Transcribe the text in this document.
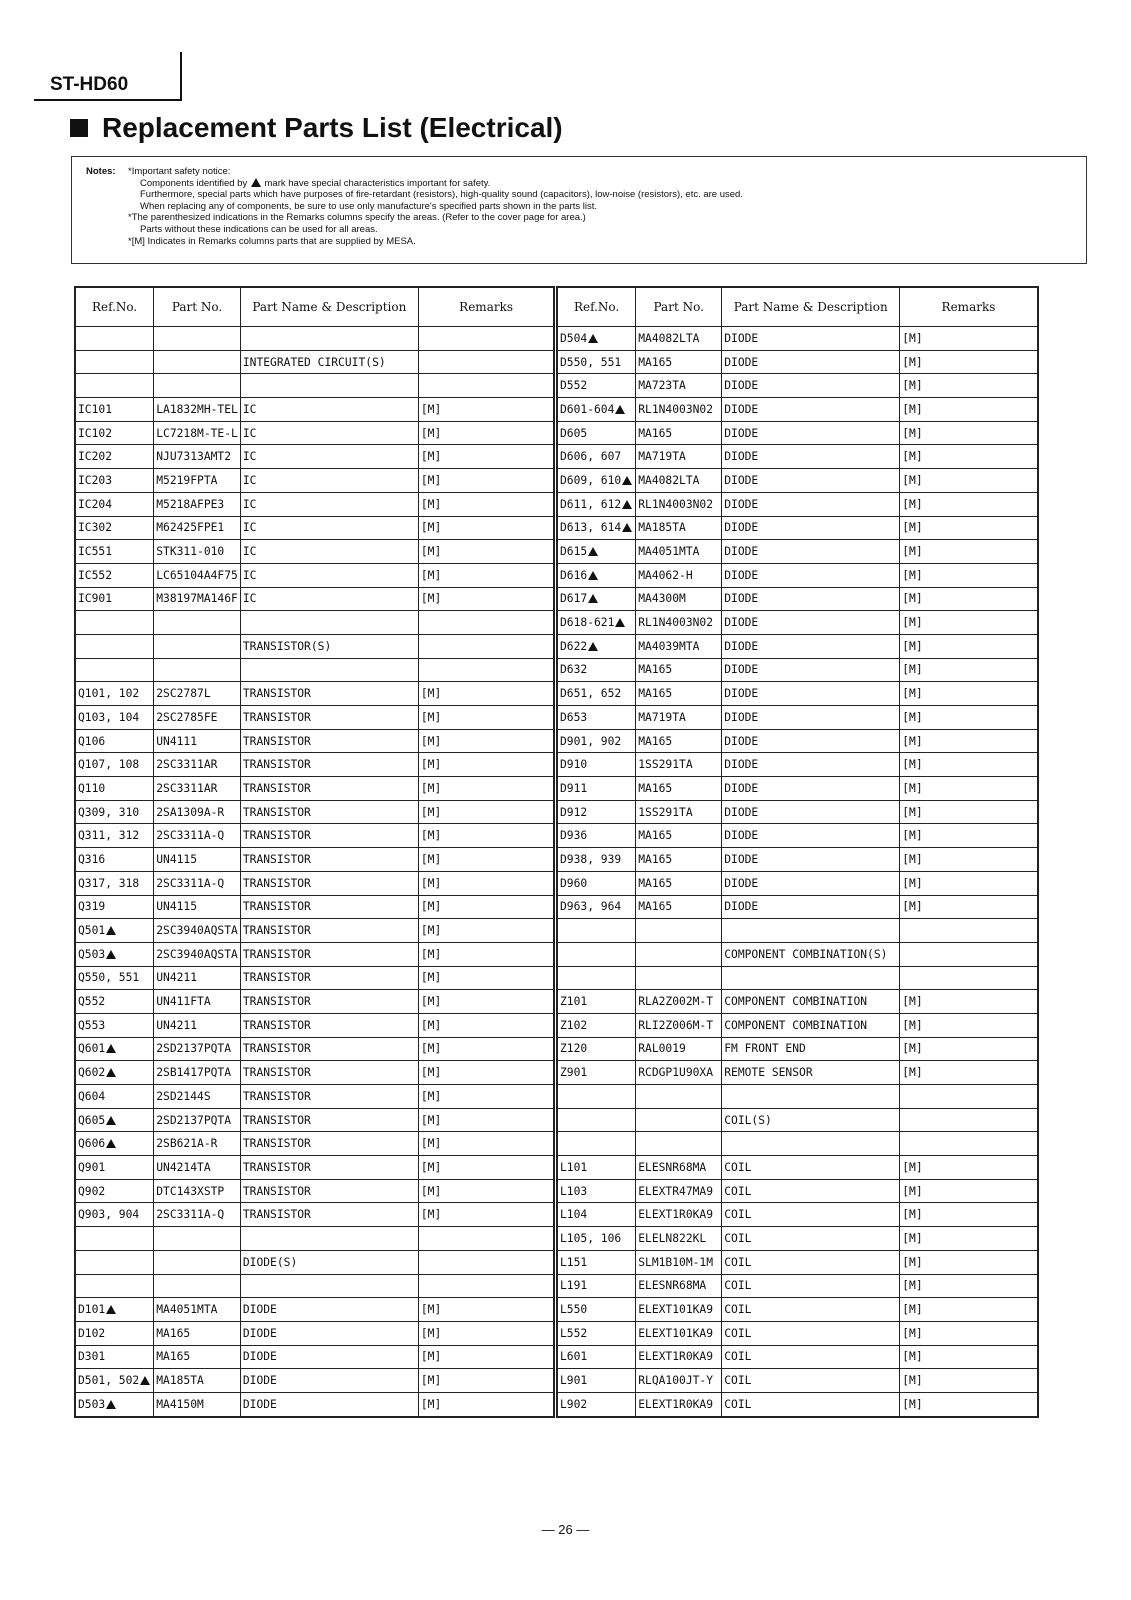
ST-HD60
Replacement Parts List (Electrical)
Notes:	*Important safety notice:
Components identified by mark have special characteristics important for safety.
Furthermore, special parts which have purposes of fire-retardant (resistors), high-quality sound (capacitors), low-noise (resistors), etc. are used.
When replacing any of components, be sure to use only manufacture's specified parts shown in the parts list.
*The parenthesized indications in the Remarks columns specify the areas. (Refer to the cover page for area.)
Parts without these indications can be used for all areas.
*[M] Indicates in Remarks columns parts that are supplied by MESA.
Ref.No.	Part No.	Part Name & Description	Remarks

		INTEGRATED CIRCUIT(S)	

IC101	LA1832MH-TEL	IC	[M]
IC102	LC7218M-TE-L	IC	[M]
IC202	NJU7313AMT2	IC	[M]
IC203	M5219FPTA	IC	[M]
IC204	M5218AFPE3	IC	[M]
IC302	M62425FPE1	IC	[M]
IC551	STK311-010	IC	[M]
IC552	LC65104A4F75	IC	[M]
IC901	M38197MA146F	IC	[M]

		TRANSISTOR(S)	

Q101, 102	2SC2787L	TRANSISTOR	[M]
Q103, 104	2SC2785FE	TRANSISTOR	[M]
Q106	UN4111	TRANSISTOR	[M]
Q107, 108	2SC3311AR	TRANSISTOR	[M]
Q110	2SC3311AR	TRANSISTOR	[M]
Q309, 310	2SA1309A-R	TRANSISTOR	[M]
Q311, 312	2SC3311A-Q	TRANSISTOR	[M]
Q316	UN4115	TRANSISTOR	[M]
Q317, 318	2SC3311A-Q	TRANSISTOR	[M]
Q319	UN4115	TRANSISTOR	[M]
Q501	2SC3940AQSTA	TRANSISTOR	[M]
Q503	2SC3940AQSTA	TRANSISTOR	[M]
Q550, 551	UN4211	TRANSISTOR	[M]
Q552	UN411FTA	TRANSISTOR	[M]
Q553	UN4211	TRANSISTOR	[M]
Q601	2SD2137PQTA	TRANSISTOR	[M]
Q602	2SB1417PQTA	TRANSISTOR	[M]
Q604	2SD2144S	TRANSISTOR	[M]
Q605	2SD2137PQTA	TRANSISTOR	[M]
Q606	2SB621A-R	TRANSISTOR	[M]
Q901	UN4214TA	TRANSISTOR	[M]
Q902	DTC143XSTP	TRANSISTOR	[M]
Q903, 904	2SC3311A-Q	TRANSISTOR	[M]

		DIODE(S)	

D101	MA4051MTA	DIODE	[M]
D102	MA165	DIODE	[M]
D301	MA165	DIODE	[M]
D501, 502	MA185TA	DIODE	[M]
D503	MA4150M	DIODE	[M]
Ref.No.	Part No.	Part Name & Description	Remarks
D504	MA4082LTA	DIODE	[M]
D550, 551	MA165	DIODE	[M]
D552	MA723TA	DIODE	[M]
D601-604	RL1N4003N02	DIODE	[M]
D605	MA165	DIODE	[M]
D606, 607	MA719TA	DIODE	[M]
D609, 610	MA4082LTA	DIODE	[M]
D611, 612	RL1N4003N02	DIODE	[M]
D613, 614	MA185TA	DIODE	[M]
D615	MA4051MTA	DIODE	[M]
D616	MA4062-H	DIODE	[M]
D617	MA4300M	DIODE	[M]
D618-621	RL1N4003N02	DIODE	[M]
D622	MA4039MTA	DIODE	[M]
D632	MA165	DIODE	[M]
D651, 652	MA165	DIODE	[M]
D653	MA719TA	DIODE	[M]
D901, 902	MA165	DIODE	[M]
D910	1SS291TA	DIODE	[M]
D911	MA165	DIODE	[M]
D912	1SS291TA	DIODE	[M]
D936	MA165	DIODE	[M]
D938, 939	MA165	DIODE	[M]
D960	MA165	DIODE	[M]
D963, 964	MA165	DIODE	[M]

		COMPONENT COMBINATION(S)	

Z101	RLA2Z002M-T	COMPONENT COMBINATION	[M]
Z102	RLI2Z006M-T	COMPONENT COMBINATION	[M]
Z120	RAL0019	FM FRONT END	[M]
Z901	RCDGP1U90XA	REMOTE SENSOR	[M]

		COIL(S)	

L101	ELESNR68MA	COIL	[M]
L103	ELEXTR47MA9	COIL	[M]
L104	ELEXT1R0KA9	COIL	[M]
L105, 106	ELELN822KL	COIL	[M]
L151	SLM1B10M-1M	COIL	[M]
L191	ELESNR68MA	COIL	[M]
L550	ELEXT101KA9	COIL	[M]
L552	ELEXT101KA9	COIL	[M]
L601	ELEXT1R0KA9	COIL	[M]
L901	RLQA100JT-Y	COIL	[M]
L902	ELEXT1R0KA9	COIL	[M]
— 26 —
